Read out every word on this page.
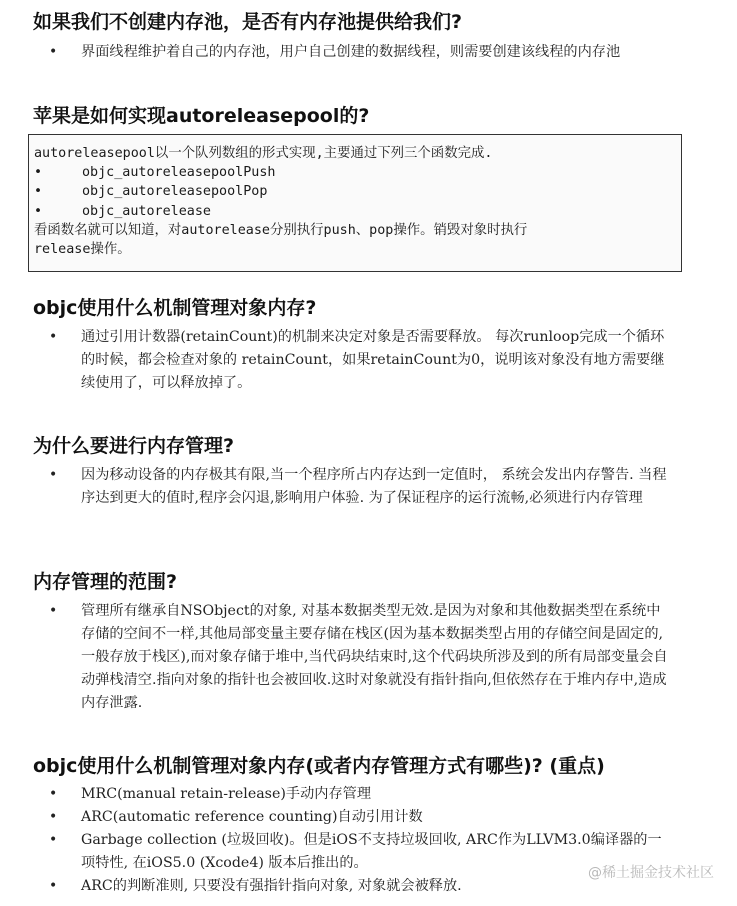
如果我们不创建内存池，是否有内存池提供给我们?
• 界面线程维护着自己的内存池，用户自己创建的数据线程，则需要创建该线程的内存池
苹果是如何实现autoreleasepool的?
autoreleasepool以一个队列数组的形式实现,主要通过下列三个函数完成.
•	objc_autoreleasepoolPush
•	objc_autoreleasepoolPop
•	objc_autorelease
看函数名就可以知道，对autorelease分别执行push、pop操作。销毁对象时执行
release操作。
objc使用什么机制管理对象内存?
• 通过引用计数器(retainCount)的机制来决定对象是否需要释放。 每次runloop完成一个循环的时候，都会检查对象的 retainCount，如果retainCount为0，说明该对象没有地方需要继续使用了，可以释放掉了。
为什么要进行内存管理?
• 因为移动设备的内存极其有限,当一个程序所占内存达到一定值时， 系统会发出内存警告. 当程序达到更大的值时,程序会闪退,影响用户体验. 为了保证程序的运行流畅,必须进行内存管理
内存管理的范围?
• 管理所有继承自NSObject的对象, 对基本数据类型无效.是因为对象和其他数据类型在系统中存储的空间不一样,其他局部变量主要存储在栈区(因为基本数据类型占用的存储空间是固定的,一般存放于栈区),而对象存储于堆中,当代码块结束时,这个代码块所涉及到的所有局部变量会自动弹栈清空.指向对象的指针也会被回收.这时对象就没有指针指向,但依然存在于堆内存中,造成内存泄露.
objc使用什么机制管理对象内存(或者内存管理方式有哪些)? (重点)
• MRC(manual retain-release)手动内存管理
• ARC(automatic reference counting)自动引用计数
• Garbage collection (垃圾回收)。但是iOS不支持垃圾回收, ARC作为LLVM3.0编译器的一项特性, 在iOS5.0 (Xcode4) 版本后推出的。
• ARC的判断准则, 只要没有强指针指向对象, 对象就会被释放.
@稀土掘金技术社区
